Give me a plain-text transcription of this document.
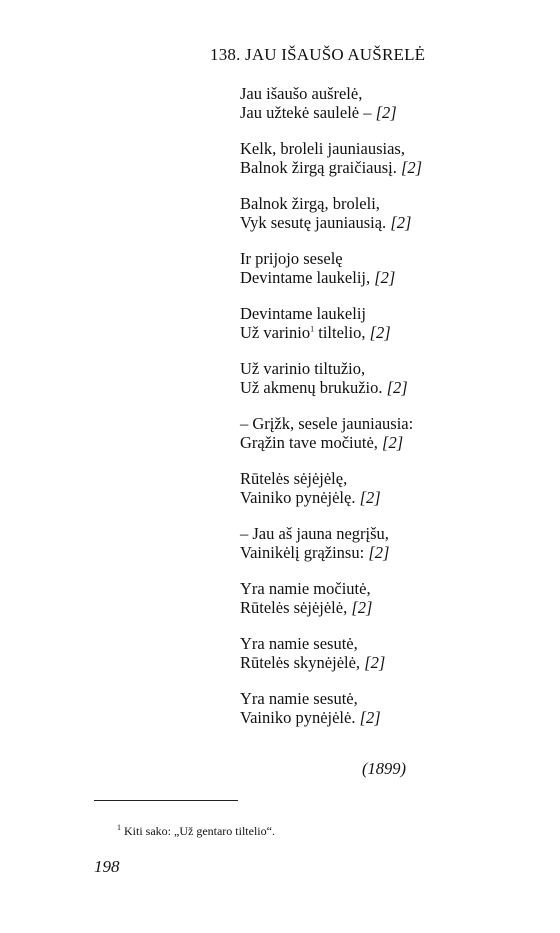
138. JAU IŠAUŠO AUŠRELĖ
Jau išaušo aušrelė,
Jau užtekė saulelė – [2]
Kelk, broleli jauniausias,
Balnok žirgą graičiausį. [2]
Balnok žirgą, broleli,
Vyk sesutę jauniausią. [2]
Ir prijojo seselę
Devintame laukelij, [2]
Devintame laukelij
Už varinio$^1$ tiltelio, [2]
Už varinio tiltužio,
Už akmenų brukužio. [2]
– Grįžk, sesele jauniausia:
Grąžin tave močiutė, [2]
Rūtelės sėjėjėlę,
Vainiko pynėjėlę. [2]
– Jau aš jauna negrįšu,
Vainikėlį grąžinsu: [2]
Yra namie močiutė,
Rūtelės sėjėjėlė, [2]
Yra namie sesutė,
Rūtelės skynėjėlė, [2]
Yra namie sesutė,
Vainiko pynėjėlė. [2]
(1899)
$^1$ Kiti sako: „Už gentaro tiltelio“.
198
